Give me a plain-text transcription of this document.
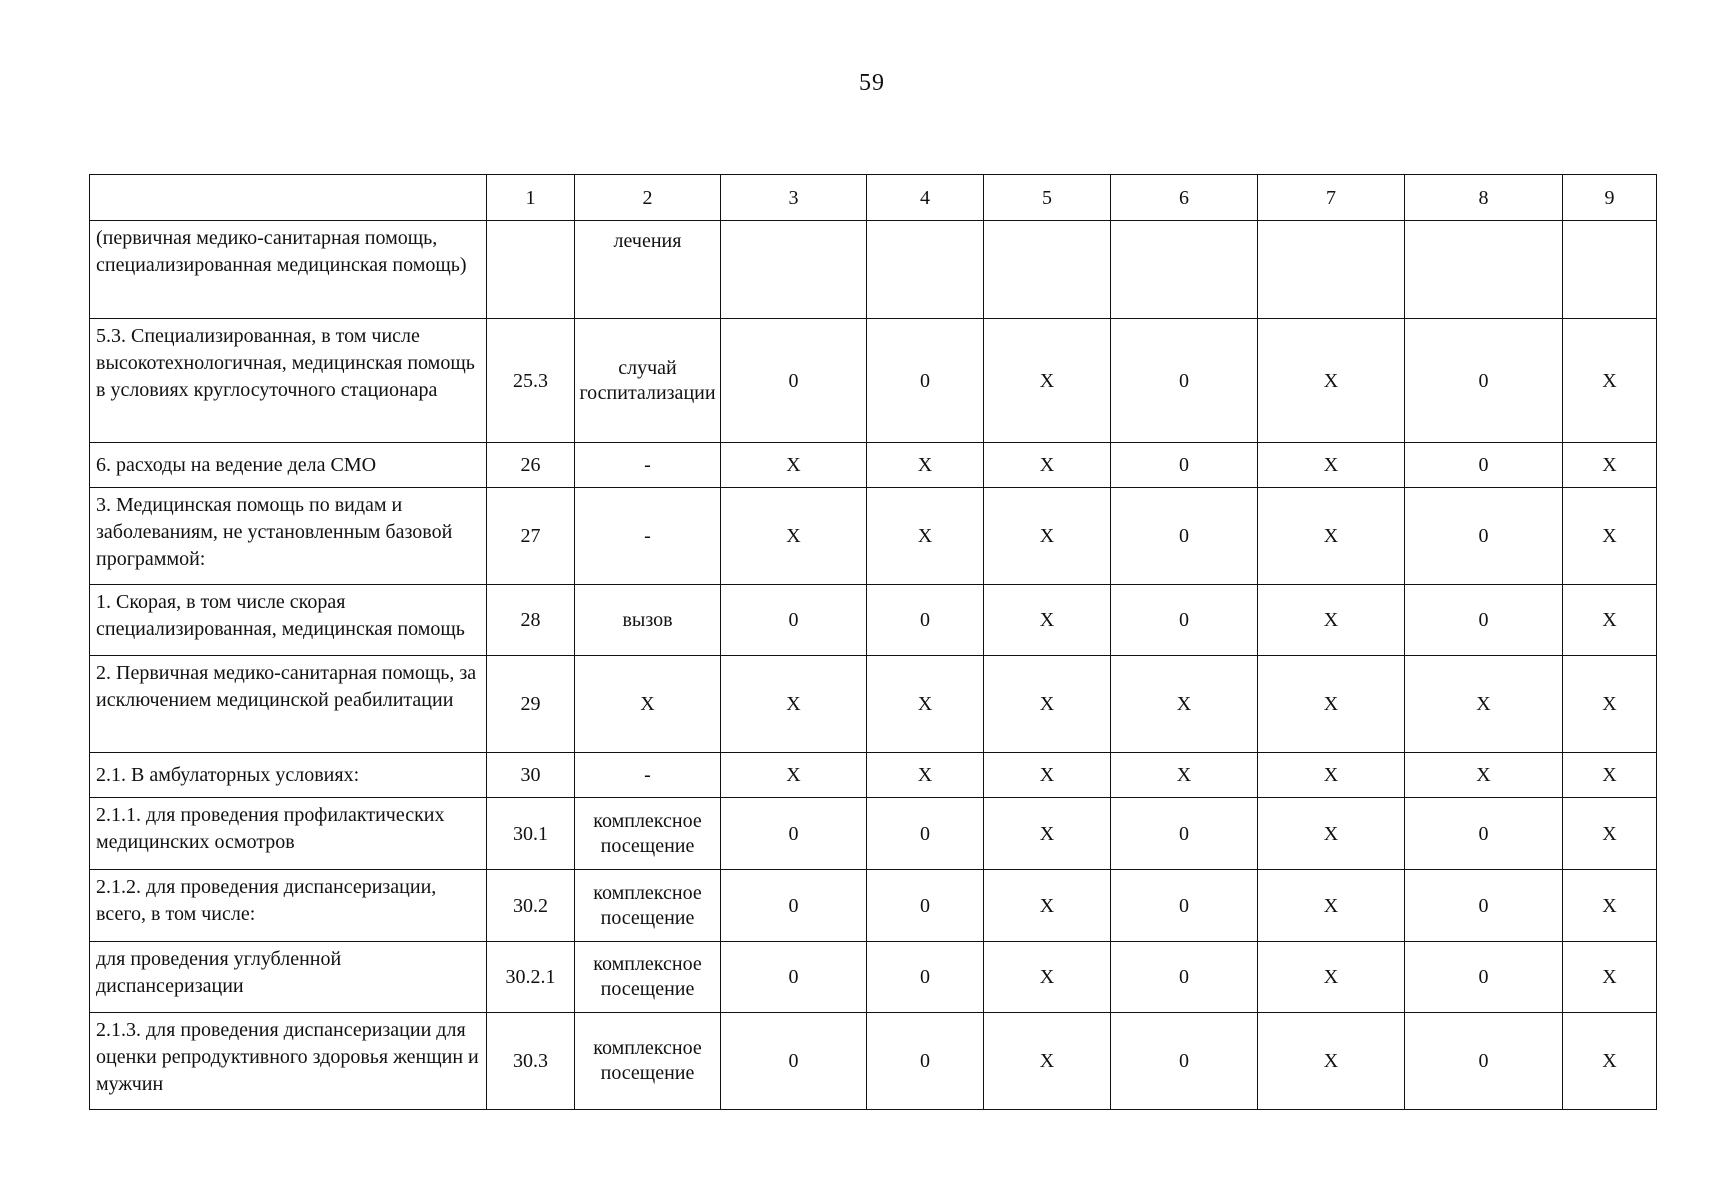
59
	1	2	3	4	5	6	7	8	9
(первичная медико-санитарная помощь, специализированная медицинская помощь)		лечения							
5.3. Специализированная, в том числе высокотехнологичная, медицинская помощь в условиях круглосуточного стационара	25.3	случай госпитализации	0	0	X	0	X	0	X
6. расходы на ведение дела СМО	26	-	X	X	X	0	X	0	X
3. Медицинская помощь по видам и заболеваниям, не установленным базовой программой:	27	-	X	X	X	0	X	0	X
1. Скорая, в том числе скорая специализированная, медицинская помощь	28	вызов	0	0	X	0	X	0	X
2. Первичная медико-санитарная помощь, за исключением медицинской реабилитации	29	X	X	X	X	X	X	X	X
2.1. В амбулаторных условиях:	30	-	X	X	X	X	X	X	X
2.1.1. для проведения профилактических медицинских осмотров	30.1	комплексное посещение	0	0	X	0	X	0	X
2.1.2. для проведения диспансеризации, всего, в том числе:	30.2	комплексное посещение	0	0	X	0	X	0	X
для проведения углубленной диспансеризации	30.2.1	комплексное посещение	0	0	X	0	X	0	X
2.1.3. для проведения диспансеризации для оценки репродуктивного здоровья женщин и мужчин	30.3	комплексное посещение	0	0	X	0	X	0	X
